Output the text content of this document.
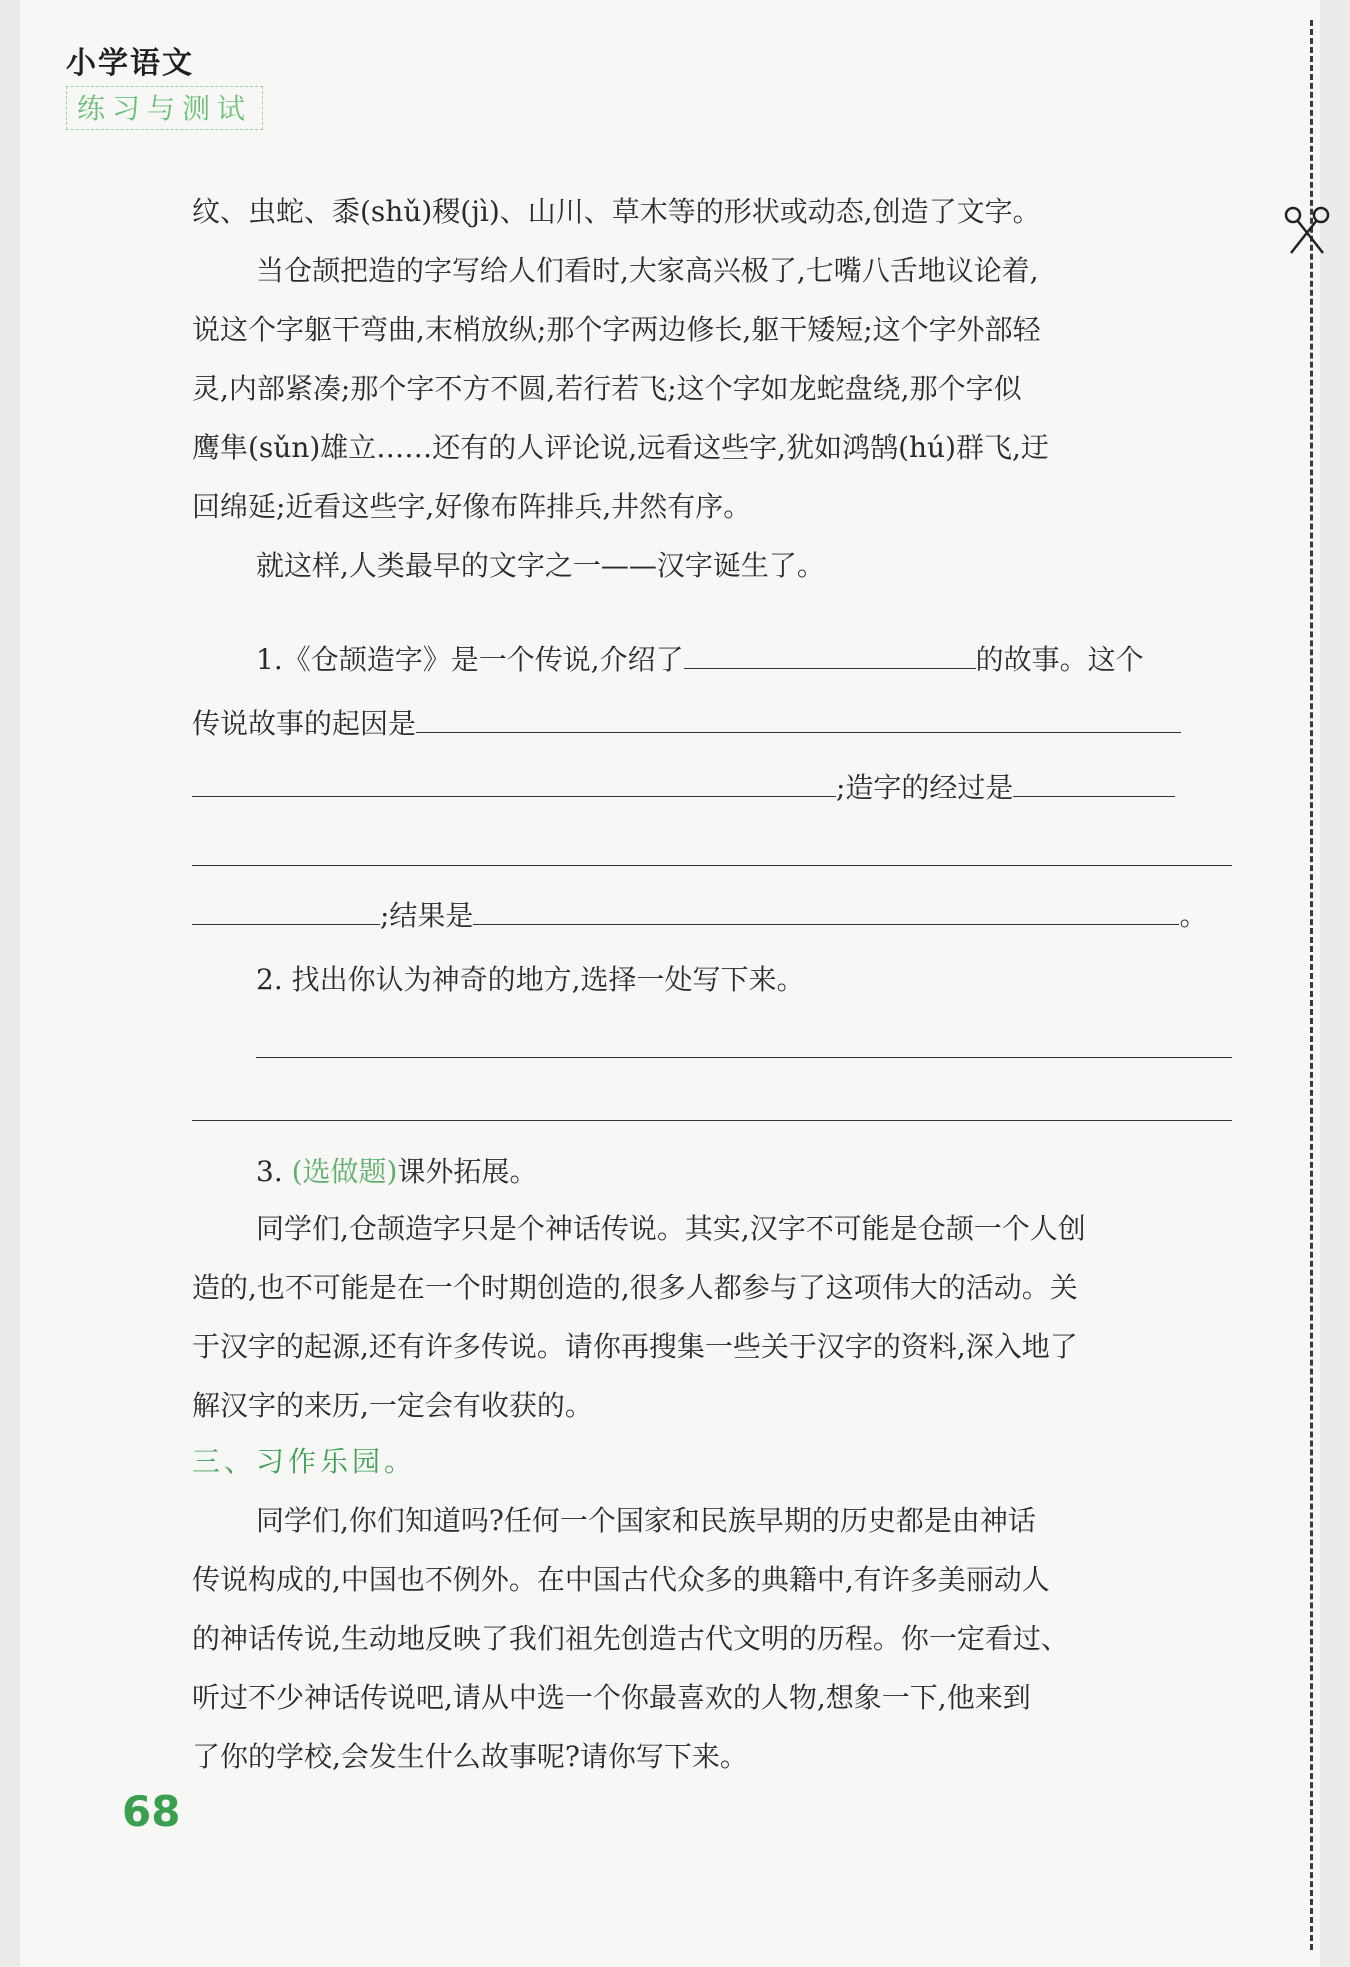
小学语文
练习与测试
纹、虫蛇、黍(shǔ)稷(jì)、山川、草木等的形状或动态,创造了文字。
当仓颉把造的字写给人们看时,大家高兴极了,七嘴八舌地议论着,
说这个字躯干弯曲,末梢放纵;那个字两边修长,躯干矮短;这个字外部轻
灵,内部紧凑;那个字不方不圆,若行若飞;这个字如龙蛇盘绕,那个字似
鹰隼(sǔn)雄立……还有的人评论说,远看这些字,犹如鸿鹄(hú)群飞,迂
回绵延;近看这些字,好像布阵排兵,井然有序。
就这样,人类最早的文字之一——汉字诞生了。
1.《仓颉造字》是一个传说,介绍了	的故事。这个
传说故事的起因是
;造字的经过是
;结果是	。
2. 找出你认为神奇的地方,选择一处写下来。
3. (选做题)课外拓展。
同学们,仓颉造字只是个神话传说。其实,汉字不可能是仓颉一个人创
造的,也不可能是在一个时期创造的,很多人都参与了这项伟大的活动。关
于汉字的起源,还有许多传说。请你再搜集一些关于汉字的资料,深入地了
解汉字的来历,一定会有收获的。
三、习作乐园。
同学们,你们知道吗?任何一个国家和民族早期的历史都是由神话
传说构成的,中国也不例外。在中国古代众多的典籍中,有许多美丽动人
的神话传说,生动地反映了我们祖先创造古代文明的历程。你一定看过、
听过不少神话传说吧,请从中选一个你最喜欢的人物,想象一下,他来到
了你的学校,会发生什么故事呢?请你写下来。
68
